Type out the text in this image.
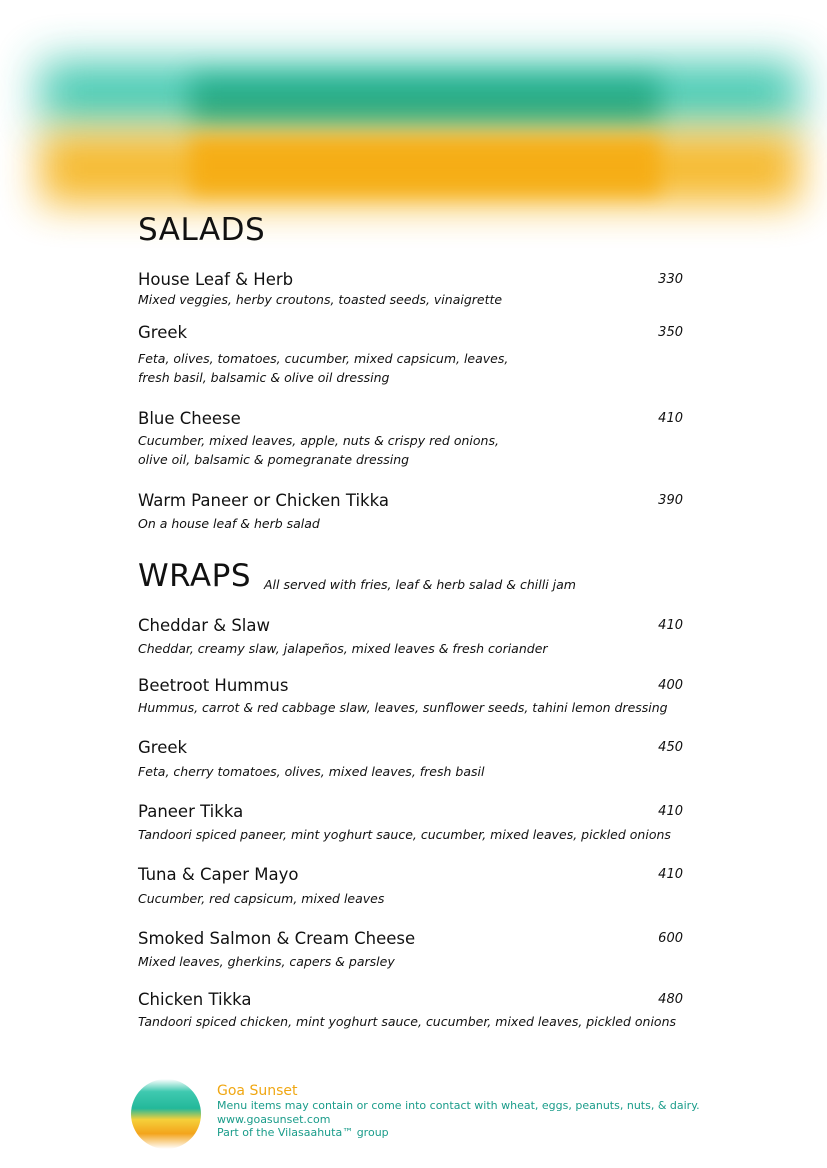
SALADS
House Leaf & Herb	330
Mixed veggies, herby croutons, toasted seeds, vinaigrette
Greek	350
Feta, olives, tomatoes, cucumber, mixed capsicum, leaves,
fresh basil, balsamic & olive oil dressing
Blue Cheese	410
Cucumber, mixed leaves, apple, nuts & crispy red onions,
olive oil, balsamic & pomegranate dressing
Warm Paneer or Chicken Tikka	390
On a house leaf & herb salad
WRAPS All served with fries, leaf & herb salad & chilli jam
Cheddar & Slaw	410
Cheddar, creamy slaw, jalapeños, mixed leaves & fresh coriander
Beetroot Hummus	400
Hummus, carrot & red cabbage slaw, leaves, sunflower seeds, tahini lemon dressing
Greek	450
Feta, cherry tomatoes, olives, mixed leaves, fresh basil
Paneer Tikka	410
Tandoori spiced paneer, mint yoghurt sauce, cucumber, mixed leaves, pickled onions
Tuna & Caper Mayo	410
Cucumber, red capsicum, mixed leaves
Smoked Salmon & Cream Cheese	600
Mixed leaves, gherkins, capers & parsley
Chicken Tikka	480
Tandoori spiced chicken, mint yoghurt sauce, cucumber, mixed leaves, pickled onions
Goa Sunset
Menu items may contain or come into contact with wheat, eggs, peanuts, nuts, & dairy.
www.goasunset.com
Part of the Vilasaahuta™ group
